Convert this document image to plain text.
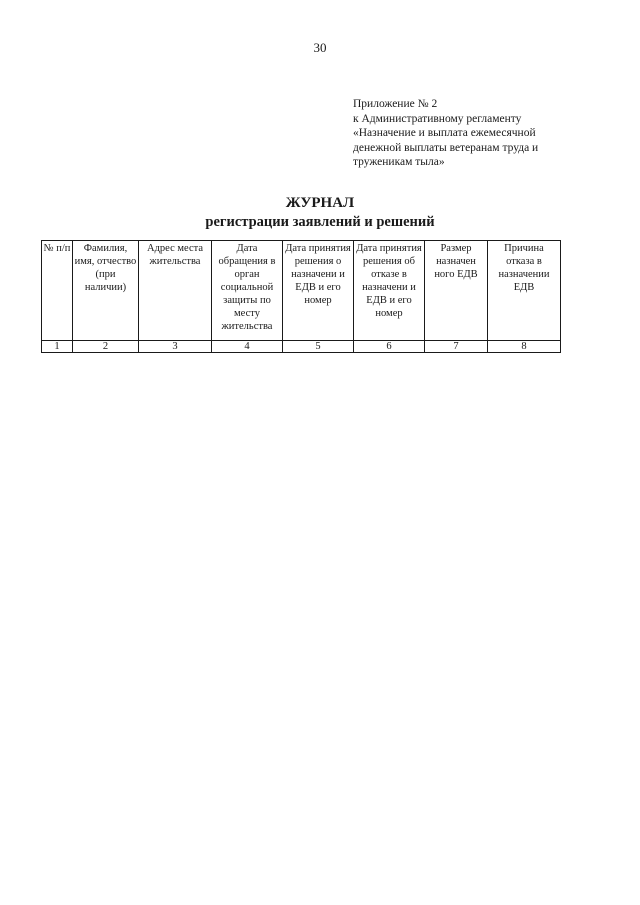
30
Приложение № 2
к Административному регламенту
«Назначение и выплата ежемесячной
денежной выплаты ветеранам труда и
труженикам тыла»
ЖУРНАЛ
регистрации заявлений и решений
№ п/п	Фамилия, имя, отчество (при наличии)	Адрес места жительства	Дата обращения в орган социальной защиты по месту жительства	Дата принятия решения о назначени и ЕДВ и его номер	Дата принятия решения об отказе в назначени и ЕДВ и его номер	Размер назначен ного ЕДВ	Причина отказа в назначении ЕДВ
1	2	3	4	5	6	7	8
